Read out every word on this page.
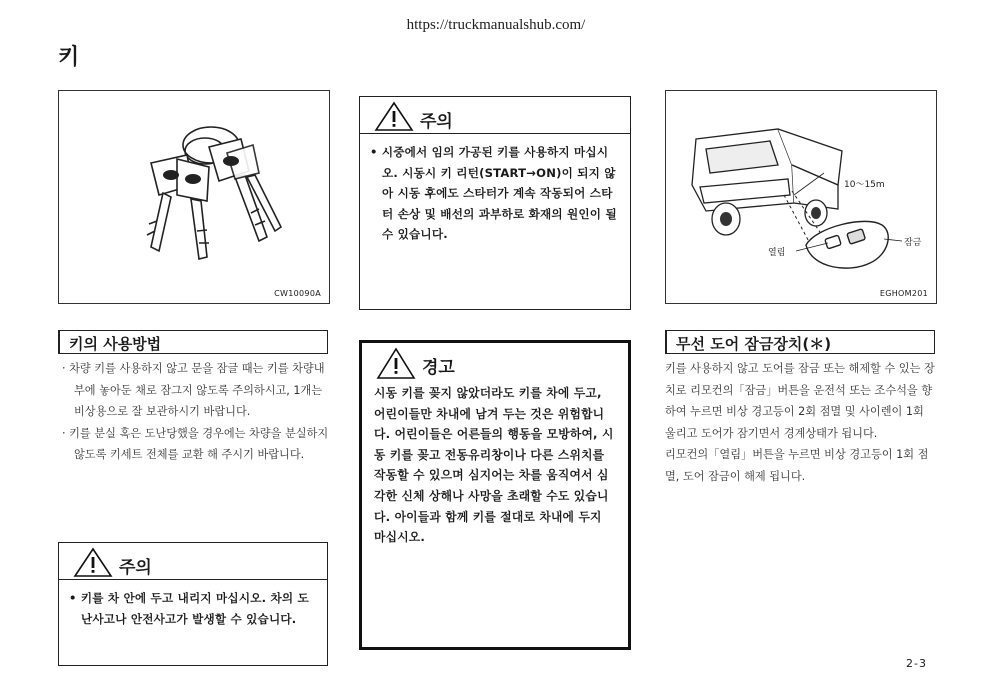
https://truckmanualshub.com/
키
CW10090A
주의
• 시중에서 임의 가공된 키를 사용하지 마십시오. 시동시 키 리턴(START→ON)이 되지 않아 시동 후에도 스타터가 계속 작동되어 스타터 손상 및 배선의 과부하로 화재의 원인이 될 수 있습니다.
10～15m
열림
잠금
EGHOM201
키의 사용방법
· 차량 키를 사용하지 않고 문을 잠글 때는 키를 차량내부에 놓아둔 채로 잠그지 않도록 주의하시고, 1개는 비상용으로 잘 보관하시기 바랍니다.
· 키를 분실 혹은 도난당했을 경우에는 차량을 분실하지 않도록 키세트 전체를 교환 해 주시기 바랍니다.
주의
• 키를 차 안에 두고 내리지 마십시오. 차의 도난사고나 안전사고가 발생할 수 있습니다.
경고
시동 키를 꽂지 않았더라도 키를 차에 두고, 어린이들만 차내에 남겨 두는 것은 위험합니다. 어린이들은 어른들의 행동을 모방하여, 시동 키를 꽂고 전동유리창이나 다른 스위치를 작동할 수 있으며 심지어는 차를 움직여서 심각한 신체 상해나 사망을 초래할 수도 있습니다. 아이들과 함께 키를 절대로 차내에 두지 마십시오.
무선 도어 잠금장치(＊)
키를 사용하지 않고 도어를 잠금 또는 해제할 수 있는 장치로 리모컨의「잠금」버튼을 운전석 또는 조수석을 향하여 누르면 비상 경고등이 2회 점멸 및 사이렌이 1회 울리고 도어가 잠기면서 경계상태가 됩니다.
리모컨의「열림」버튼을 누르면 비상 경고등이 1회 점멸, 도어 잠금이 해제 됩니다.
2-3
